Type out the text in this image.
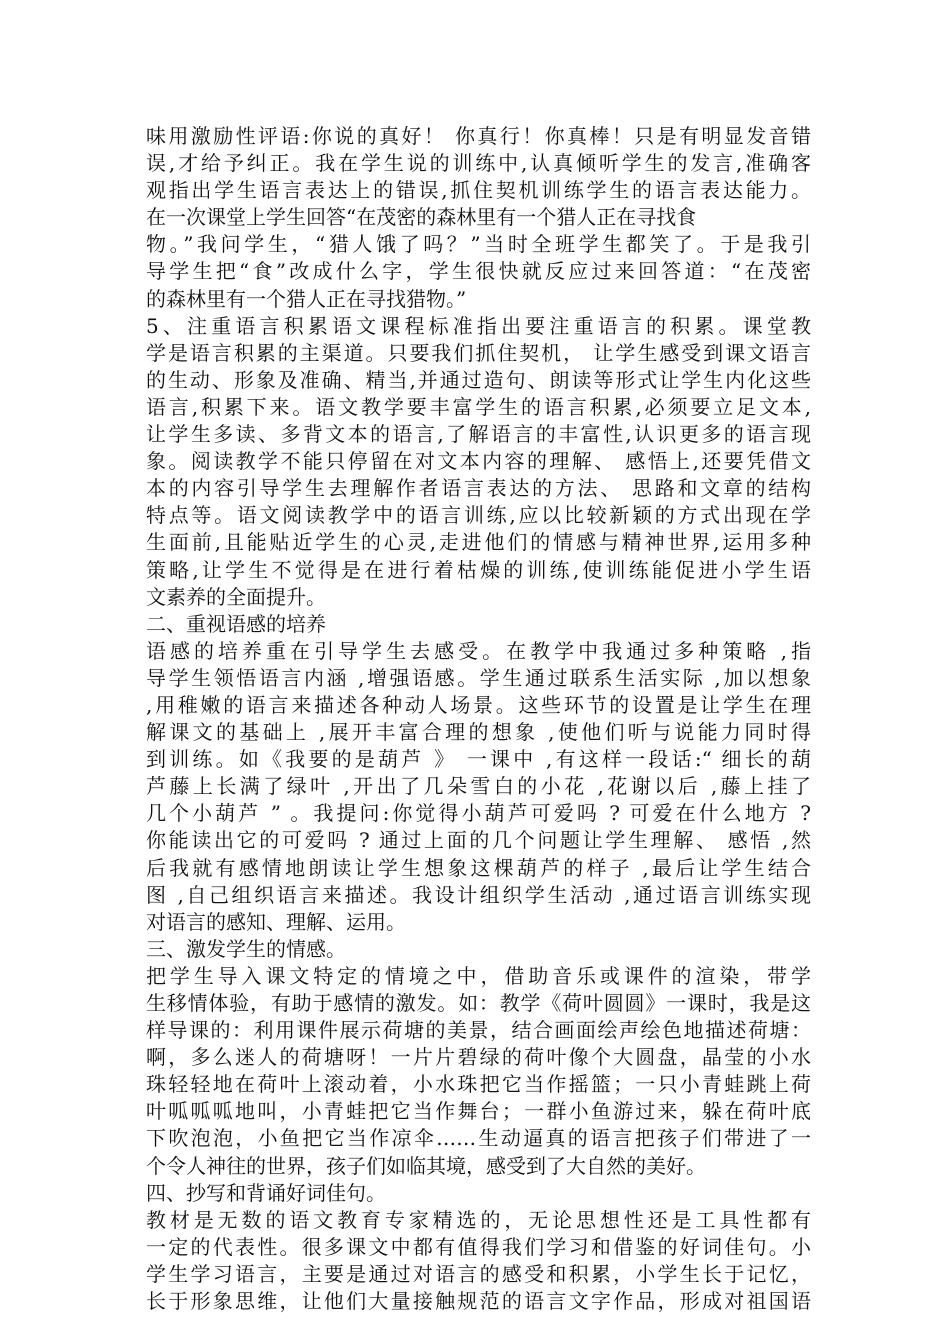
味用激励性评语:你说的真好！ 你真行！你真棒！只是有明显发音错
误,才给予纠正。我在学生说的训练中,认真倾听学生的发言,准确客
观指出学生语言表达上的错误,抓住契机训练学生的语言表达能力。
在一次课堂上学生回答“在茂密的森林里有一个猎人正在寻找食
物。”我问学生，“猎人饿了吗？”当时全班学生都笑了。于是我引
导学生把“食”改成什么字，学生很快就反应过来回答道：“在茂密
的森林里有一个猎人正在寻找猎物。”
5、注重语言积累语文课程标准指出要注重语言的积累。课堂教
学是语言积累的主渠道。只要我们抓住契机， 让学生感受到课文语言
的生动、形象及准确、精当,并通过造句、朗读等形式让学生内化这些
语言,积累下来。语文教学要丰富学生的语言积累,必须要立足文本,
让学生多读、多背文本的语言,了解语言的丰富性,认识更多的语言现
象。阅读教学不能只停留在对文本内容的理解、 感悟上,还要凭借文
本的内容引导学生去理解作者语言表达的方法、 思路和文章的结构
特点等。语文阅读教学中的语言训练,应以比较新颖的方式出现在学
生面前,且能贴近学生的心灵,走进他们的情感与精神世界,运用多种
策略,让学生不觉得是在进行着枯燥的训练,使训练能促进小学生语
文素养的全面提升。
二、重视语感的培养
语感的培养重在引导学生去感受。在教学中我通过多种策略 ,指
导学生领悟语言内涵 ,增强语感。学生通过联系生活实际 ,加以想象
,用稚嫩的语言来描述各种动人场景。这些环节的设置是让学生在理
解课文的基础上 ,展开丰富合理的想象 ,使他们听与说能力同时得
到训练。如《我要的是葫芦 》 一课中 ,有这样一段话:“ 细长的葫
芦藤上长满了绿叶 ,开出了几朵雪白的小花 ,花谢以后 ,藤上挂了
几个小葫芦 ” 。我提问:你觉得小葫芦可爱吗 ? 可爱在什么地方 ?
你能读出它的可爱吗 ? 通过上面的几个问题让学生理解、 感悟 ,然
后我就有感情地朗读让学生想象这棵葫芦的样子 ,最后让学生结合
图 ,自己组织语言来描述。我设计组织学生活动 ,通过语言训练实现
对语言的感知、理解、运用。
三、激发学生的情感。
把学生导入课文特定的情境之中，借助音乐或课件的渲染，带学
生移情体验，有助于感情的激发。如：教学《荷叶圆圆》一课时，我是这
样导课的：利用课件展示荷塘的美景，结合画面绘声绘色地描述荷塘：
啊，多么迷人的荷塘呀！一片片碧绿的荷叶像个大圆盘，晶莹的小水
珠轻轻地在荷叶上滚动着，小水珠把它当作摇篮；一只小青蛙跳上荷
叶呱呱呱地叫，小青蛙把它当作舞台；一群小鱼游过来，躲在荷叶底
下吹泡泡，小鱼把它当作凉伞……生动逼真的语言把孩子们带进了一
个令人神往的世界，孩子们如临其境，感受到了大自然的美好。
四、抄写和背诵好词佳句。
教材是无数的语文教育专家精选的，无论思想性还是工具性都有
一定的代表性。很多课文中都有值得我们学习和借鉴的好词佳句。小
学生学习语言，主要是通过对语言的感受和积累，小学生长于记忆，
长于形象思维，让他们大量接触规范的语言文字作品，形成对祖国语
